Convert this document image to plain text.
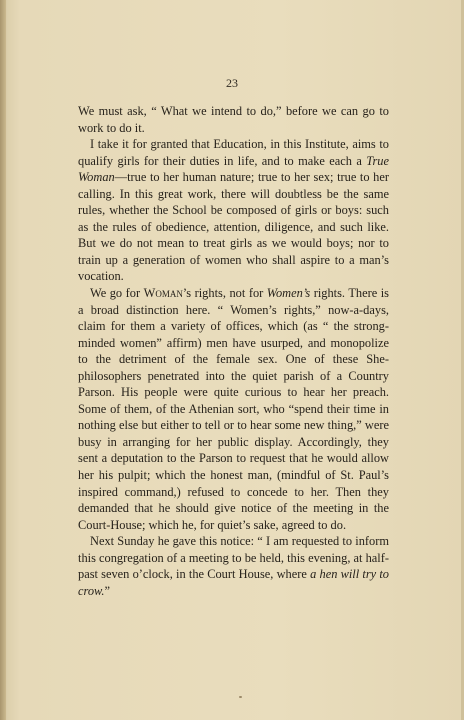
23

We must ask, “ What we intend to do,” before we can go to work to do it.

I take it for granted that Education, in this Institute, aims to qualify girls for their duties in life, and to make each a True Woman—true to her human nature; true to her sex; true to her calling. In this great work, there will doubtless be the same rules, whether the School be composed of girls or boys: such as the rules of obedience, attention, diligence, and such like. But we do not mean to treat girls as we would boys; nor to train up a generation of women who shall aspire to a man’s vocation.

We go for Woman’s rights, not for Women’s rights. There is a broad distinction here. “ Women’s rights,” now-a-days, claim for them a variety of offices, which (as “ the strong-minded women” affirm) men have usurped, and monopolize to the detriment of the female sex. One of these She-philosophers penetrated into the quiet parish of a Country Parson. His people were quite curious to hear her preach. Some of them, of the Athenian sort, who “spend their time in nothing else but either to tell or to hear some new thing,” were busy in arranging for her public display. Accordingly, they sent a deputation to the Parson to request that he would allow her his pulpit; which the honest man, (mindful of St. Paul’s inspired command,) refused to concede to her. Then they demanded that he should give notice of the meeting in the Court-House; which he, for quiet’s sake, agreed to do.

Next Sunday he gave this notice: “ I am requested to inform this congregation of a meeting to be held, this evening, at half-past seven o’clock, in the Court House, where a hen will try to crow.”
